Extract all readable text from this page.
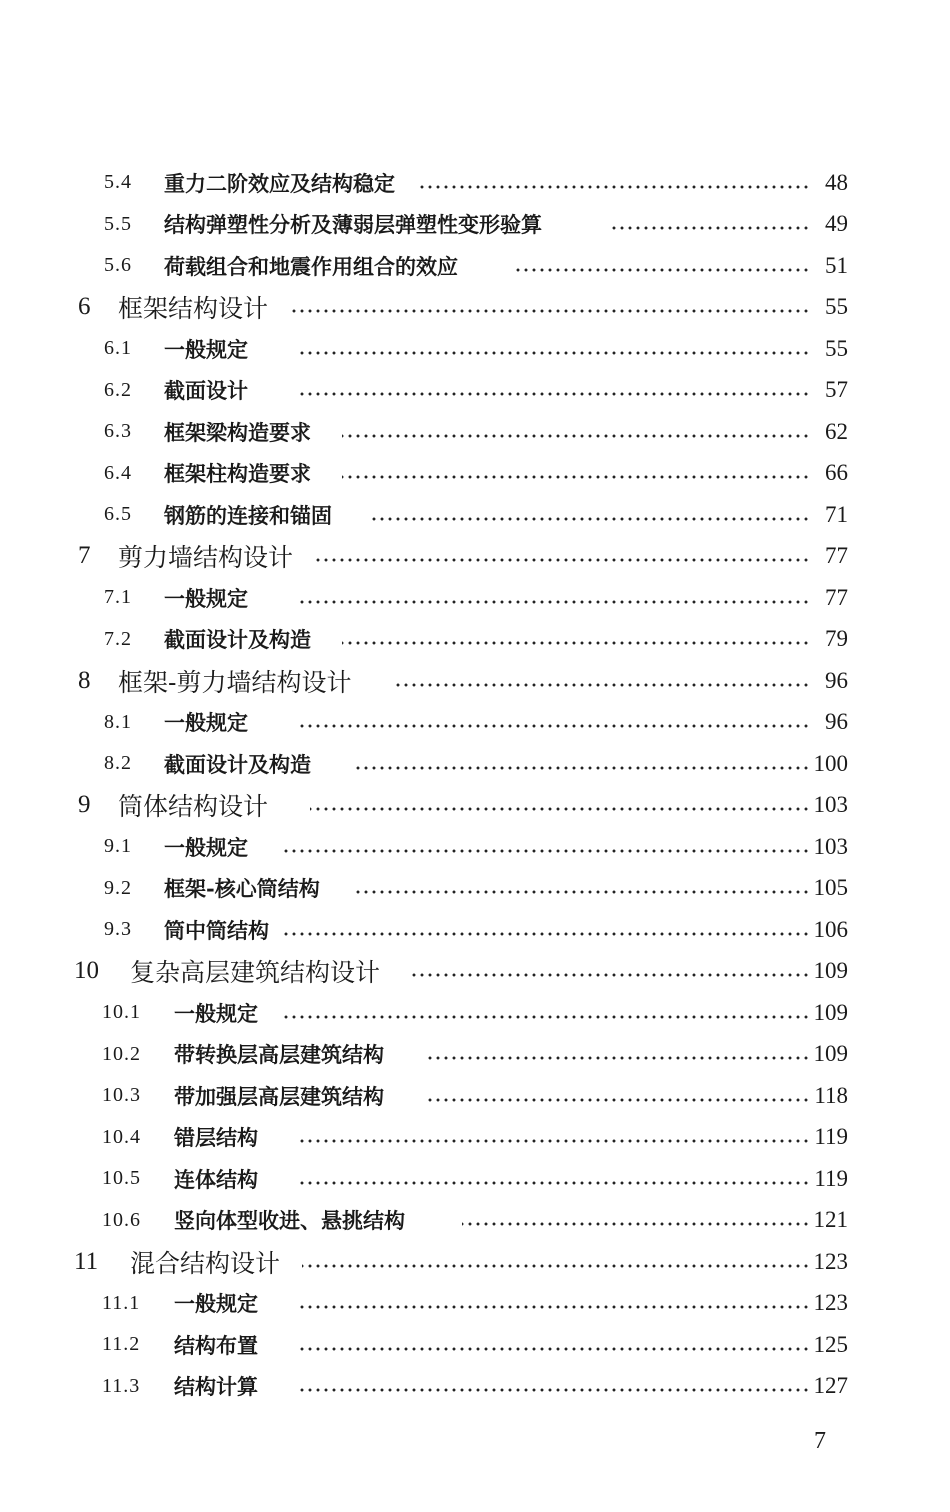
5.4 重力二阶效应及结构稳定	48
5.5 结构弹塑性分析及薄弱层弹塑性变形验算	49
5.6 荷载组合和地震作用组合的效应	51
6 框架结构设计	55
6.1 一般规定	55
6.2 截面设计	57
6.3 框架梁构造要求	62
6.4 框架柱构造要求	66
6.5 钢筋的连接和锚固	71
7 剪力墙结构设计	77
7.1 一般规定	77
7.2 截面设计及构造	79
8 框架-剪力墙结构设计	96
8.1 一般规定	96
8.2 截面设计及构造	100
9 筒体结构设计	103
9.1 一般规定	103
9.2 框架-核心筒结构	105
9.3 筒中筒结构	106
10 复杂高层建筑结构设计	109
10.1 一般规定	109
10.2 带转换层高层建筑结构	109
10.3 带加强层高层建筑结构	118
10.4 错层结构	119
10.5 连体结构	119
10.6 竖向体型收进、悬挑结构	121
11 混合结构设计	123
11.1 一般规定	123
11.2 结构布置	125
11.3 结构计算	127
7
